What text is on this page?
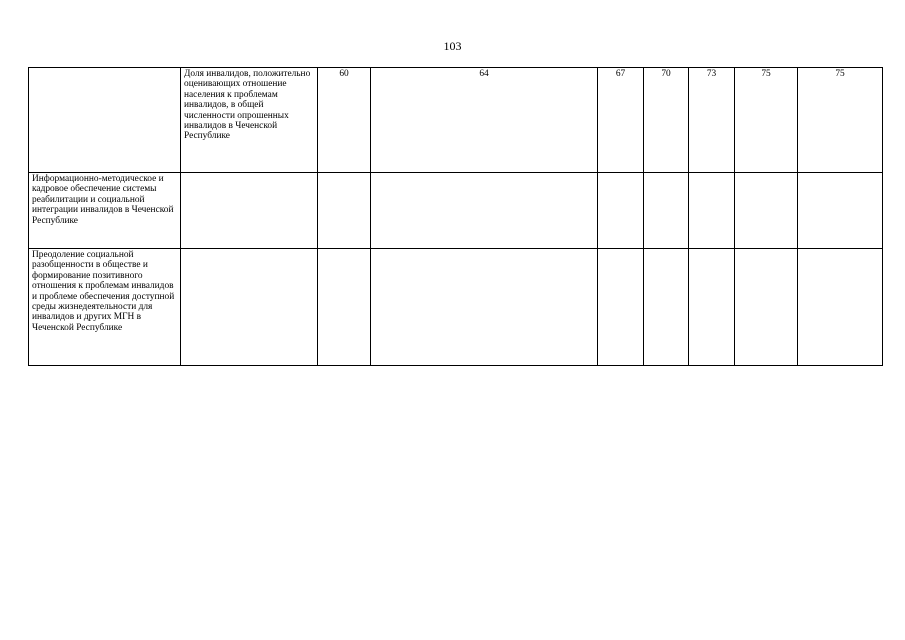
103
	Доля инвалидов, положительно оценивающих отношение населения к проблемам инвалидов, в общей численности опрошенных инвалидов в Чеченской Республике	60	64	67	70	73	75	75
Информационно-методическое и кадровое обеспечение системы реабилитации и социальной интеграции инвалидов в Чеченской Республике								
Преодоление социальной разобщенности в обществе и формирование позитивного отношения к проблемам инвалидов и проблеме обеспечения доступной среды жизнедеятельности для инвалидов и других МГН в Чеченской Республике								
